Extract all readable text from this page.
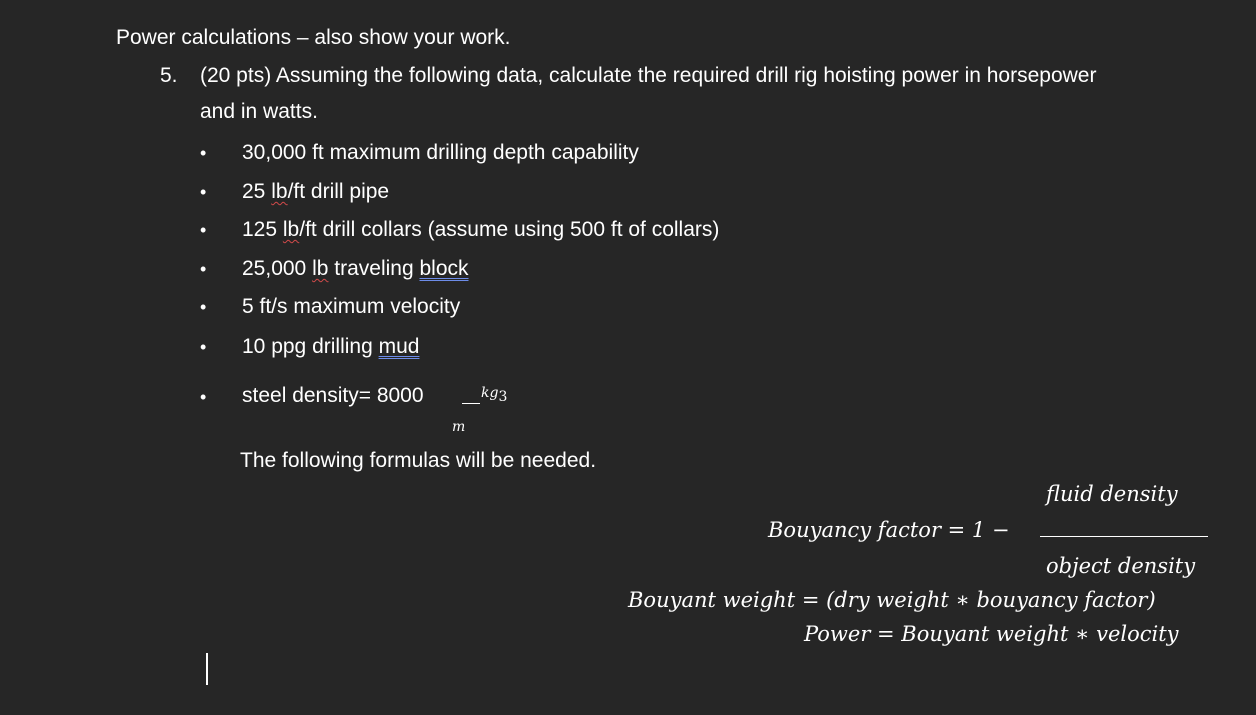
Power calculations – also show your work.
5. (20 pts) Assuming the following data, calculate the required drill rig hoisting power in horsepower
and in watts.
• 30,000 ft maximum drilling depth capability
• 25 lb/ft drill pipe
• 125 lb/ft drill collars (assume using 500 ft of collars)
• 25,000 lb traveling block
• 5 ft/s maximum velocity
• 10 ppg drilling mud
• steel density= 8000	kg3
m
The following formulas will be needed.
fluid density
Bouyancy factor = 1 −
object density
Bouyant weight = (dry weight ∗ bouyancy factor)
Power = Bouyant weight ∗ velocity
